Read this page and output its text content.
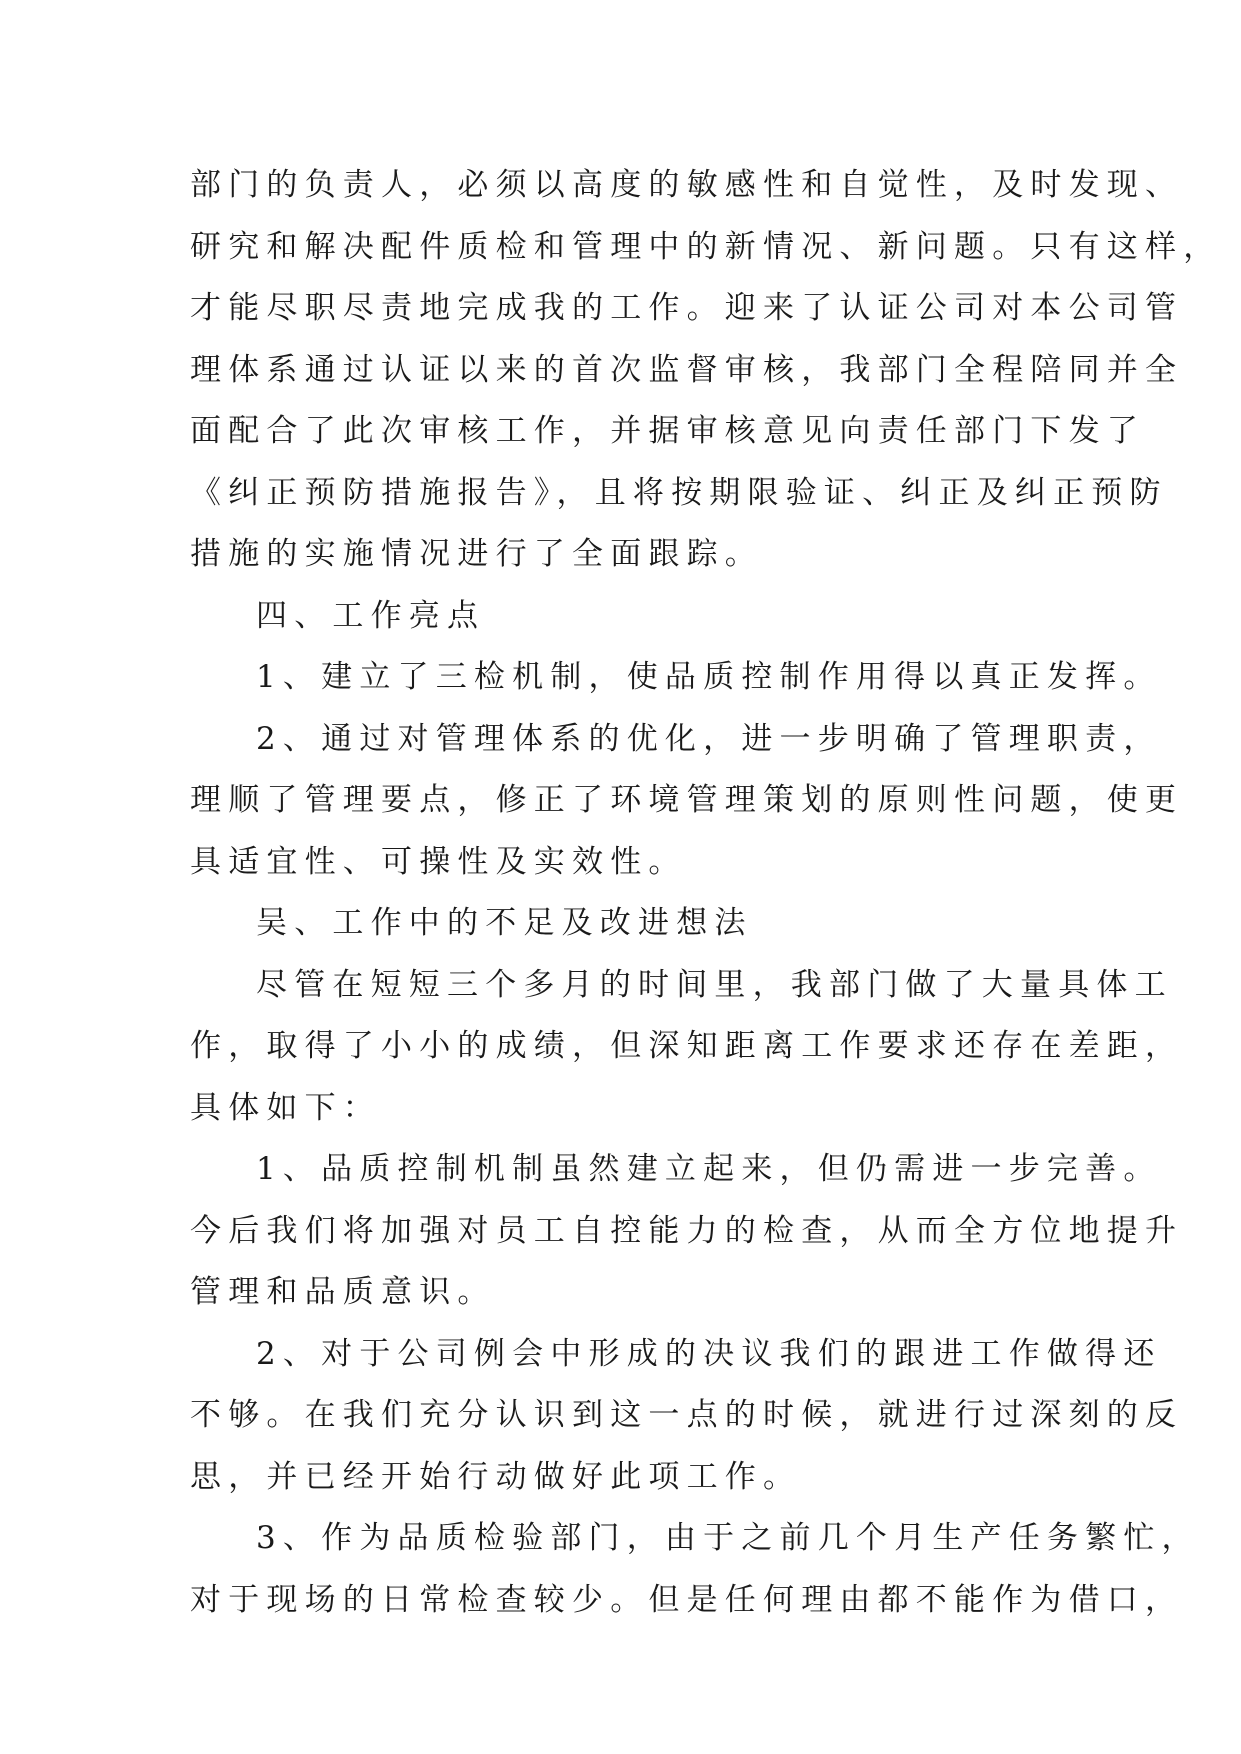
部门的负责人，必须以高度的敏感性和自觉性，及时发现、
研究和解决配件质检和管理中的新情况、新问题。只有这样，
才能尽职尽责地完成我的工作。迎来了认证公司对本公司管
理体系通过认证以来的首次监督审核，我部门全程陪同并全
面配合了此次审核工作，并据审核意见向责任部门下发了
《纠正预防措施报告》，且将按期限验证、纠正及纠正预防
措施的实施情况进行了全面跟踪。
四、工作亮点
1、建立了三检机制，使品质控制作用得以真正发挥。
2、通过对管理体系的优化，进一步明确了管理职责，
理顺了管理要点，修正了环境管理策划的原则性问题，使更
具适宜性、可操性及实效性。
吴、工作中的不足及改进想法
尽管在短短三个多月的时间里，我部门做了大量具体工
作，取得了小小的成绩，但深知距离工作要求还存在差距，
具体如下：
1、品质控制机制虽然建立起来，但仍需进一步完善。
今后我们将加强对员工自控能力的检查，从而全方位地提升
管理和品质意识。
2、对于公司例会中形成的决议我们的跟进工作做得还
不够。在我们充分认识到这一点的时候，就进行过深刻的反
思，并已经开始行动做好此项工作。
3、作为品质检验部门，由于之前几个月生产任务繁忙，
对于现场的日常检查较少。但是任何理由都不能作为借口，
